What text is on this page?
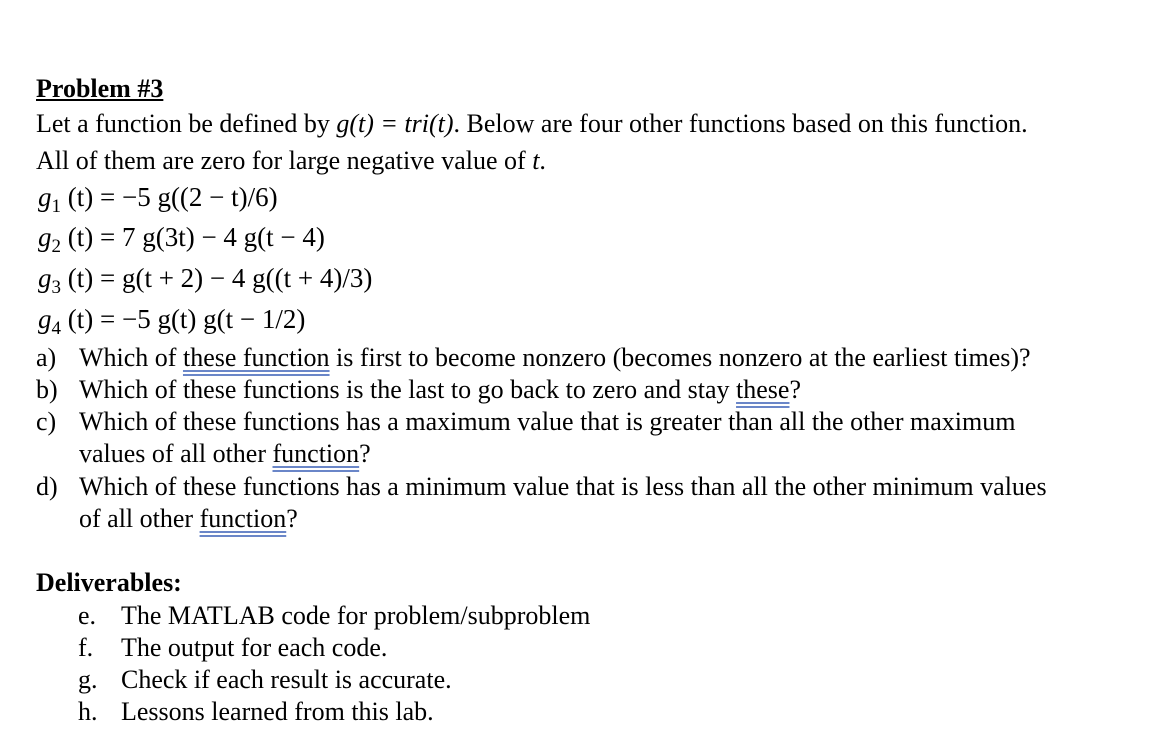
Problem #3
Let a function be defined by g(t) = tri(t). Below are four other functions based on this function.
All of them are zero for large negative value of t.
$g_1$ (t) = −5 g((2 − t)/6)
$g_2$ (t) = 7 g(3t) − 4 g(t − 4)
$g_3$ (t) = g(t + 2) − 4 g((t + 4)/3)
$g_4$ (t) = −5 g(t) g(t − 1/2)
a) Which of these function is first to become nonzero (becomes nonzero at the earliest times)?
b) Which of these functions is the last to go back to zero and stay these?
c) Which of these functions has a maximum value that is greater than all the other maximum
values of all other function?
d) Which of these functions has a minimum value that is less than all the other minimum values
of all other function?
Deliverables:
e. The MATLAB code for problem/subproblem
f. The output for each code.
g. Check if each result is accurate.
h. Lessons learned from this lab.
